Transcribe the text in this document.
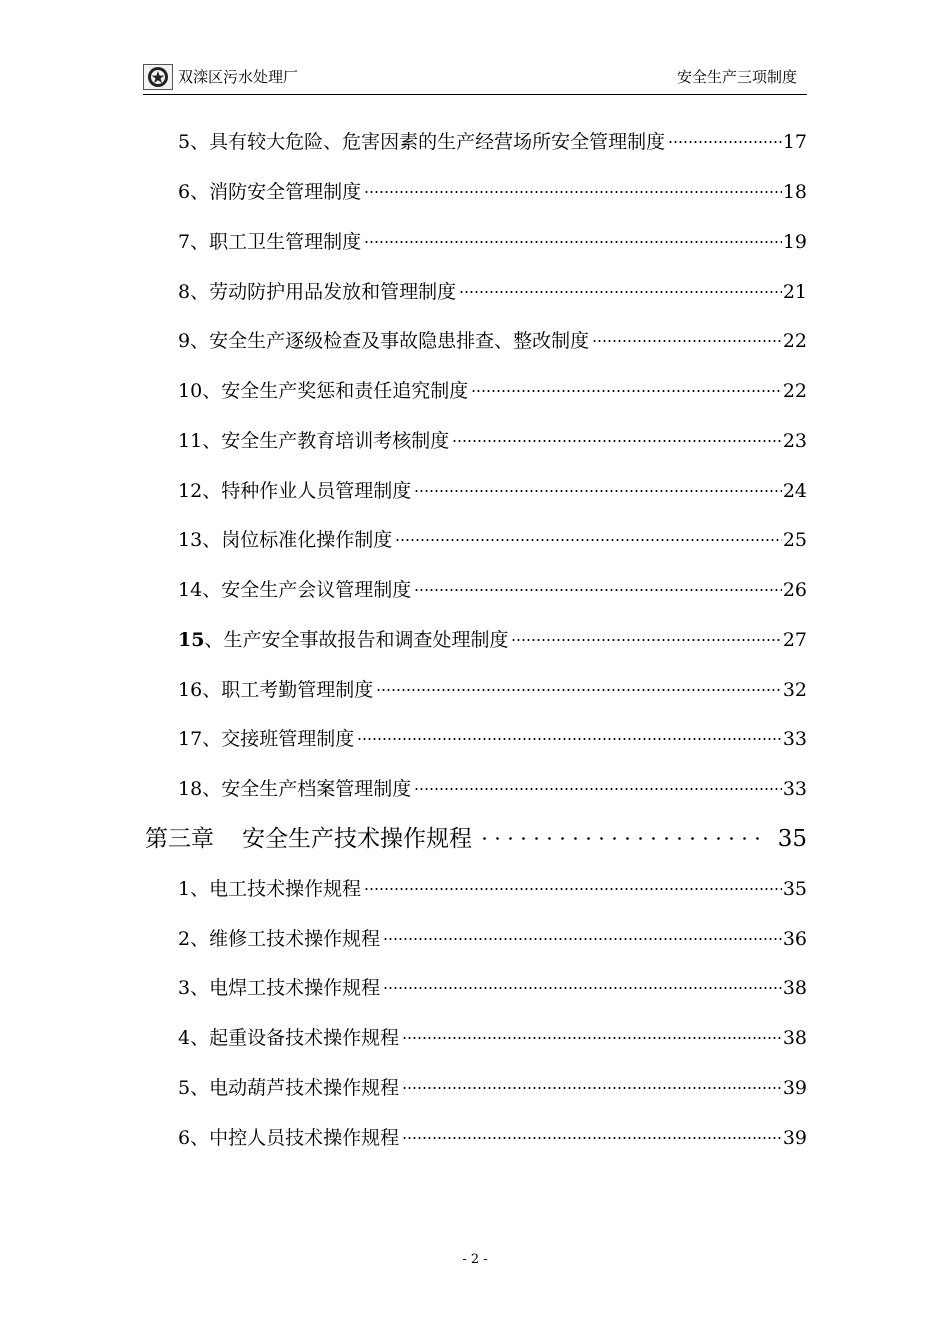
双滦区污水处理厂	安全生产三项制度
5、具有较大危险、危害因素的生产经营场所安全管理制度	17
6、消防安全管理制度	18
7、职工卫生管理制度	19
8、劳动防护用品发放和管理制度	21
9、安全生产逐级检查及事故隐患排查、整改制度	22
10、安全生产奖惩和责任追究制度	22
11、安全生产教育培训考核制度	23
12、特种作业人员管理制度	24
13、岗位标准化操作制度	25
14、安全生产会议管理制度	26
15、生产安全事故报告和调查处理制度	27
16、职工考勤管理制度	32
17、交接班管理制度	33
18、安全生产档案管理制度	33
第三章 安全生产技术操作规程	35
1、电工技术操作规程	35
2、维修工技术操作规程	36
3、电焊工技术操作规程	38
4、起重设备技术操作规程	38
5、电动葫芦技术操作规程	39
6、中控人员技术操作规程	39
- 2 -
